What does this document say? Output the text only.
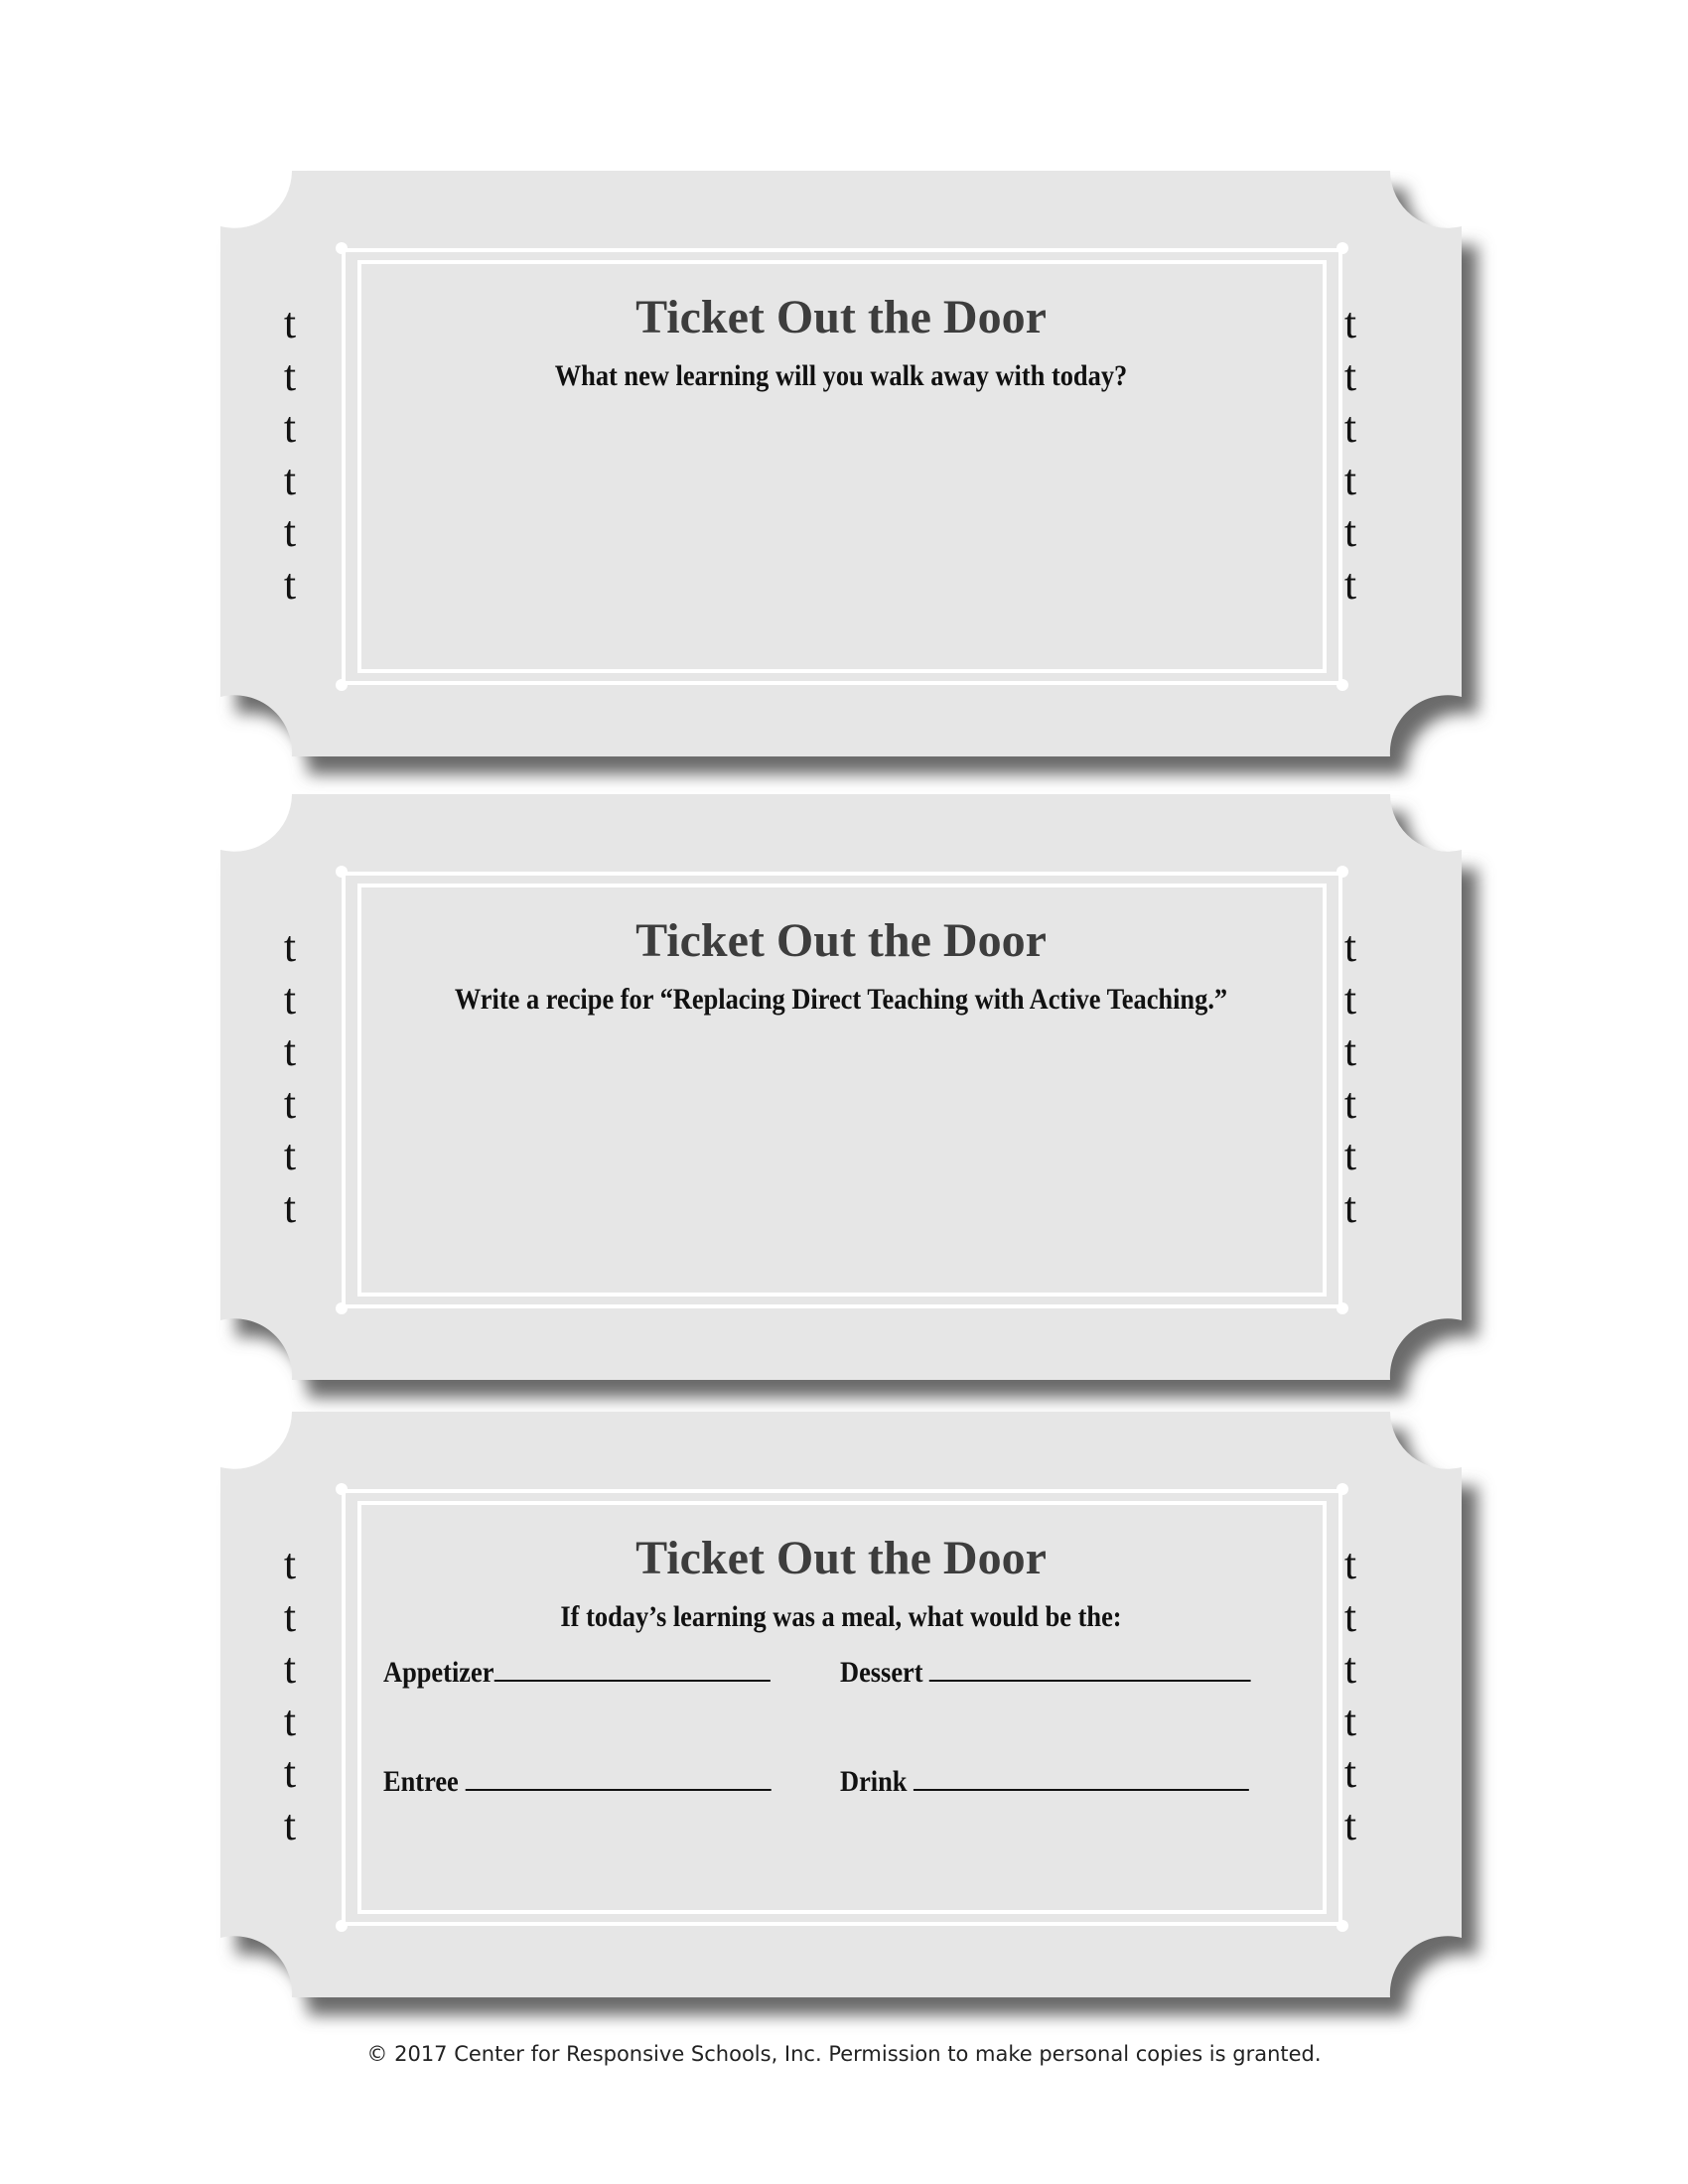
t
t
t
t
t
t
t
t
t
t
t
t
Ticket Out the Door
What new learning will you walk away with today?
t
t
t
t
t
t
t
t
t
t
t
t
Ticket Out the Door
Write a recipe for “Replacing Direct Teaching with Active Teaching.”
t
t
t
t
t
t
t
t
t
t
t
t
Ticket Out the Door
If today’s learning was a meal, what would be the:
Appetizer	Dessert
Entree	Drink
© 2017 Center for Responsive Schools, Inc. Permission to make personal copies is granted.
